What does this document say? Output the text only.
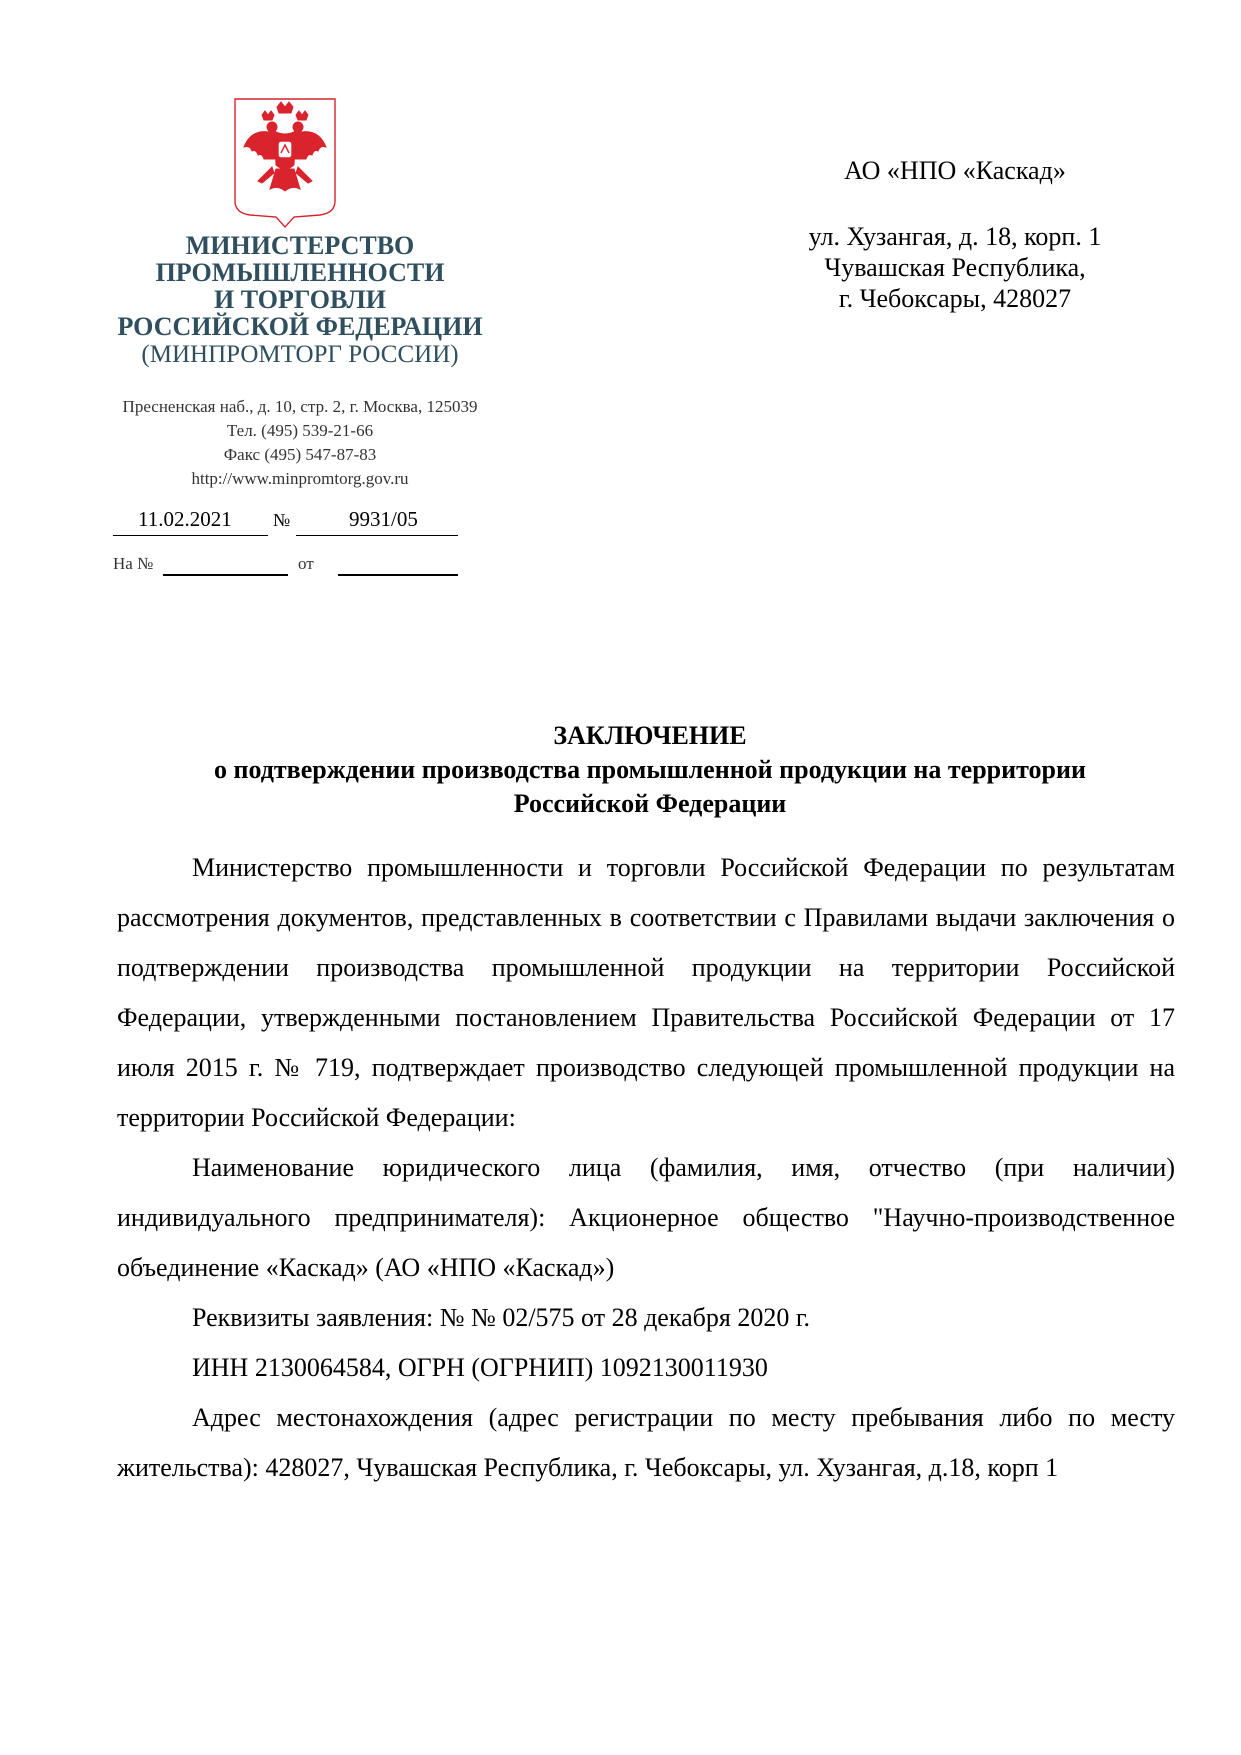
МИНИСТЕРСТВО
ПРОМЫШЛЕННОСТИ
И ТОРГОВЛИ
РОССИЙСКОЙ ФЕДЕРАЦИИ
(МИНПРОМТОРГ РОССИИ)
Пресненская наб., д. 10, стр. 2, г. Москва, 125039
Тел. (495) 539-21-66
Факс (495) 547-87-83
http://www.minpromtorg.gov.ru
11.02.2021 №	9931/05
На №	от
АО «НПО «Каскад»
ул. Хузангая, д. 18, корп. 1
Чувашская Республика,
г. Чебоксары, 428027
ЗАКЛЮЧЕНИЕ
о подтверждении производства промышленной продукции на территории
Российской Федерации

Министерство промышленности и торговли Российской Федерации по результатам рассмотрения документов, представленных в соответствии с Правилами выдачи заключения о подтверждении производства промышленной продукции на территории Российской Федерации, утвержденными постановлением Правительства Российской Федерации от 17 июля 2015 г. № 719, подтверждает производство следующей промышленной продукции на территории Российской Федерации:

Наименование юридического лица (фамилия, имя, отчество (при наличии) индивидуального предпринимателя): Акционерное общество "Научно-производственное объединение «Каскад» (АО «НПО «Каскад»)

Реквизиты заявления: № № 02/575 от 28 декабря 2020 г.

ИНН 2130064584, ОГРН (ОГРНИП) 1092130011930

Адрес местонахождения (адрес регистрации по месту пребывания либо по месту жительства): 428027, Чувашская Республика, г. Чебоксары, ул. Хузангая, д.18, корп 1
